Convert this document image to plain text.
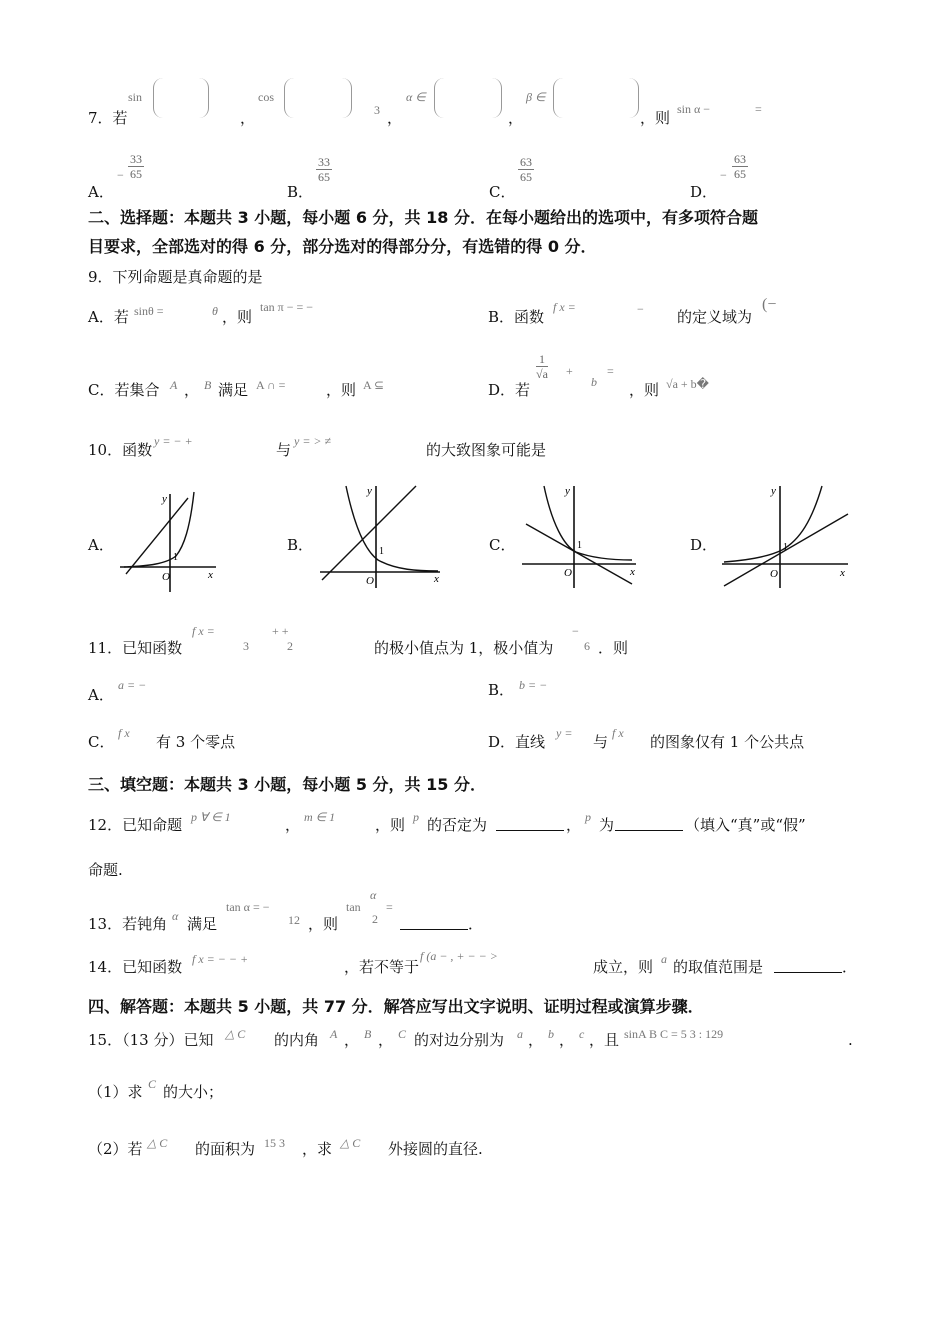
7．若
sin
，
cos
3 ，
α ∈
，
β ∈
，则 sin α −	=
A．
− $\frac{33}{65}$
B．
$\frac{33}{65}$
C．
$\frac{63}{65}$
D．
− $\frac{63}{65}$
二、选择题：本题共 3 小题，每小题 6 分，共 18 分．在每小题给出的选项中，有多项符合题
目要求，全部选对的得 6 分，部分选对的得部分分，有选错的得 0 分．
9．下列命题是真命题的是
A．若 sinθ =	θ ，则
tan π − = −
B．函数
f x =	− 的定义域为
(−
C．若集合 A ， B 满足 A ∩ =	，则 A ⊆	D．若
$\frac{1}{√a}$ +
b
=
，则 √a + b�
10．函数 y = − +	与 y = > ≠	的大致图象可能是
A．	B．	C．	D．
x
y
O
1
x
y
O
1
x
y
O
1
x
y
O
1
11．已知函数
f x =
3	2
+ +
的极小值点为 1，极小值为
−
6 ．则
A．
a = −	B． b = −
C． f x 有 3 个零点	D．直线 y = 与 f x 的图象仅有 1 个公共点
三、填空题：本题共 3 小题，每小题 5 分，共 15 分．
12．已知命题 p ∀ ∈ 1	， m ∈ 1	，则 p 的否定为	， p 为	（填入“真”或“假”
命题.
13．若钝角 α 满足
tan α = −
12 ，则
tan
α
2
=
．
14．已知函数 f x = − − +	，若不等于
f (a − , + − − >
成立，则 a 的取值范围是	．
四、解答题：本题共 5 小题，共 77 分．解答应写出文字说明、证明过程或演算步骤．
15．（13 分）已知 △ C 的内角 A ， B ， C 的对边分别为 a ， b ， c ，且 sinA B C = 5 3 : 129	.
（1）求 C 的大小；
（2）若 △ C 的面积为 15 3 ，求 △ C 外接圆的直径.
